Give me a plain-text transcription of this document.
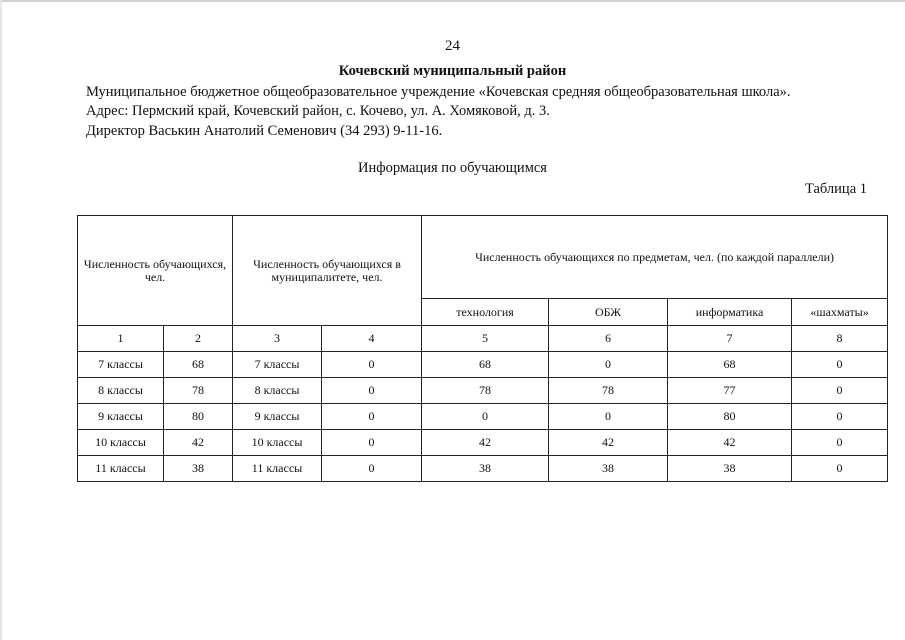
24
Кочевский муниципальный район
Муниципальное бюджетное общеобразовательное учреждение «Кочевская средняя общеобразовательная школа».
Адрес: Пермский край, Кочевский район, с. Кочево, ул. А. Хомяковой, д. 3.
Директор Васькин Анатолий Семенович (34 293) 9-11-16.
Информация по обучающимся
Таблица 1
Численность обучающихся, чел.		Численность обучающихся в муниципалитете, чел.		Численность обучающихся по предметам, чел. (по каждой параллели)			
				технология	ОБЖ	информатика	«шахматы»
1	2	3	4	5	6	7	8
7 классы	68	7 классы	0	68	0	68	0
8 классы	78	8 классы	0	78	78	77	0
9 классы	80	9 классы	0	0	0	80	0
10 классы	42	10 классы	0	42	42	42	0
11 классы	38	11 классы	0	38	38	38	0
